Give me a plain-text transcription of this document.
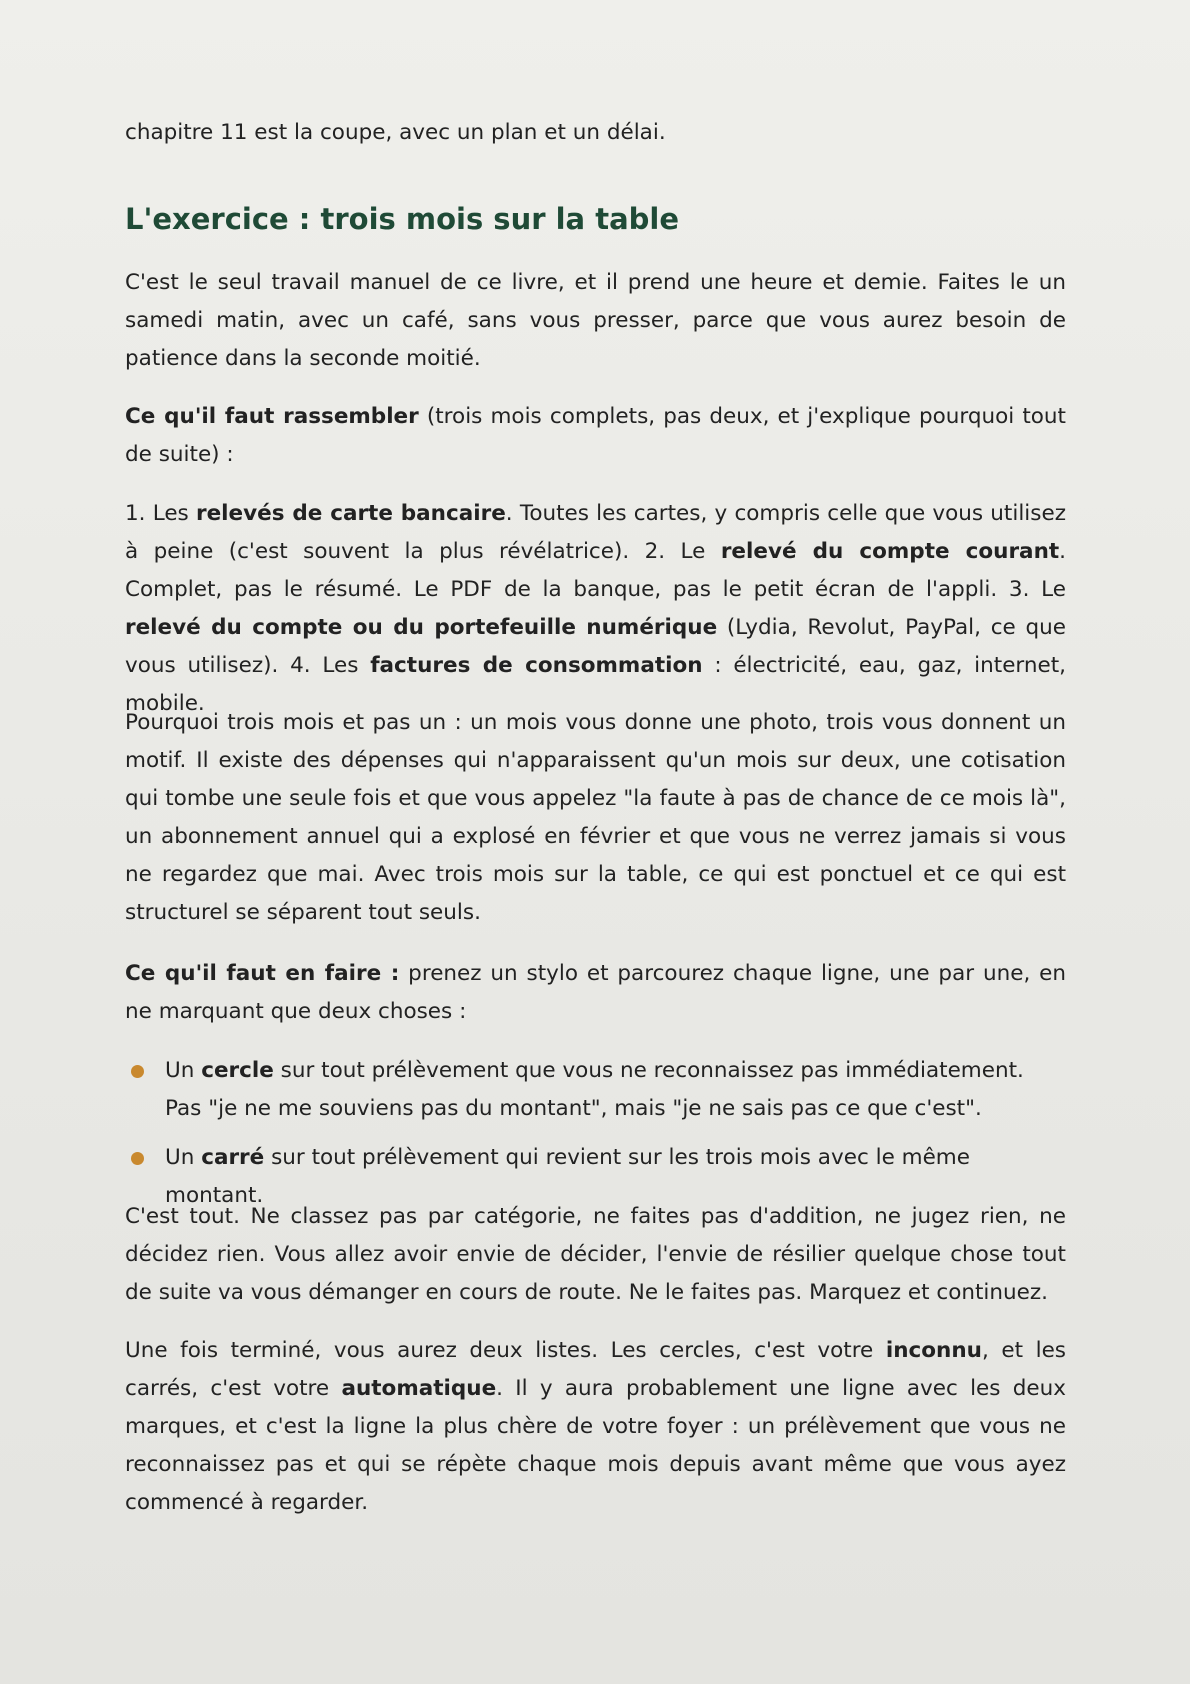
chapitre 11 est la coupe, avec un plan et un délai.

L'exercice : trois mois sur la table

C'est le seul travail manuel de ce livre, et il prend une heure et demie. Faites le un samedi matin, avec un café, sans vous presser, parce que vous aurez besoin de patience dans la seconde moitié.

Ce qu'il faut rassembler (trois mois complets, pas deux, et j'explique pourquoi tout de suite) :

1. Les relevés de carte bancaire. Toutes les cartes, y compris celle que vous utilisez à peine (c'est souvent la plus révélatrice). 2. Le relevé du compte courant. Complet, pas le résumé. Le PDF de la banque, pas le petit écran de l'appli. 3. Le relevé du compte ou du portefeuille numérique (Lydia, Revolut, PayPal, ce que vous utilisez). 4. Les factures de consommation : électricité, eau, gaz, internet, mobile.

Pourquoi trois mois et pas un : un mois vous donne une photo, trois vous donnent un motif. Il existe des dépenses qui n'apparaissent qu'un mois sur deux, une cotisation qui tombe une seule fois et que vous appelez "la faute à pas de chance de ce mois là", un abonnement annuel qui a explosé en février et que vous ne verrez jamais si vous ne regardez que mai. Avec trois mois sur la table, ce qui est ponctuel et ce qui est structurel se séparent tout seuls.

Ce qu'il faut en faire : prenez un stylo et parcourez chaque ligne, une par une, en ne marquant que deux choses :

Un cercle sur tout prélèvement que vous ne reconnaissez pas immédiatement. Pas "je ne me souviens pas du montant", mais "je ne sais pas ce que c'est".
Un carré sur tout prélèvement qui revient sur les trois mois avec le même montant.

C'est tout. Ne classez pas par catégorie, ne faites pas d'addition, ne jugez rien, ne décidez rien. Vous allez avoir envie de décider, l'envie de résilier quelque chose tout de suite va vous démanger en cours de route. Ne le faites pas. Marquez et continuez.

Une fois terminé, vous aurez deux listes. Les cercles, c'est votre inconnu, et les carrés, c'est votre automatique. Il y aura probablement une ligne avec les deux marques, et c'est la ligne la plus chère de votre foyer : un prélèvement que vous ne reconnaissez pas et qui se répète chaque mois depuis avant même que vous ayez commencé à regarder.
